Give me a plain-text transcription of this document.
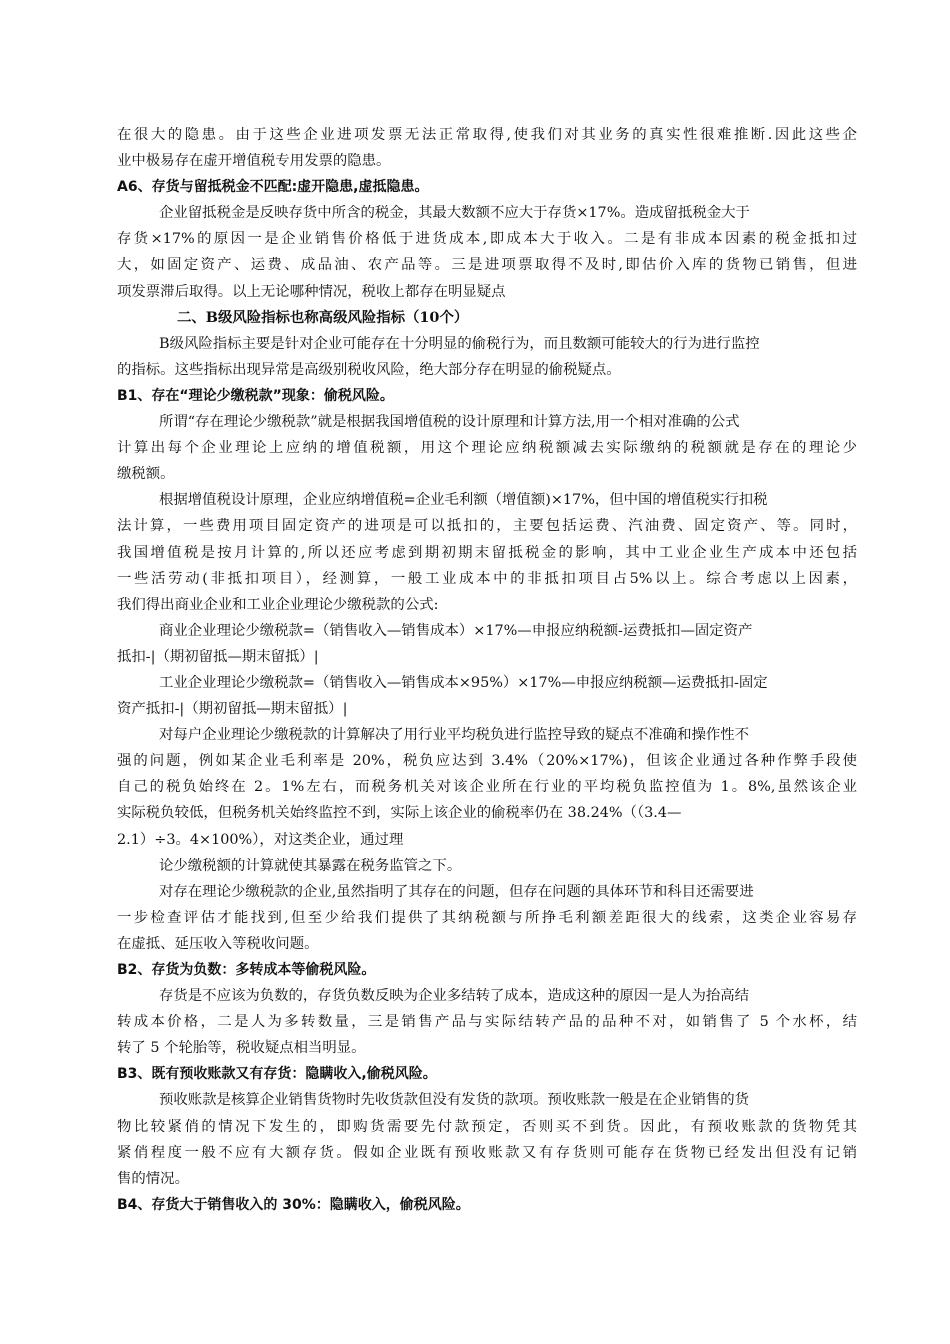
在很大的隐患。由于这些企业进项发票无法正常取得,使我们对其业务的真实性很难推断.因此这些企
业中极易存在虚开增值税专用发票的隐患。
A6、存货与留抵税金不匹配:虚开隐患,虚抵隐患。
企业留抵税金是反映存货中所含的税金，其最大数额不应大于存货×17%。造成留抵税金大于
存货×17%的原因一是企业销售价格低于进货成本,即成本大于收入。二是有非成本因素的税金抵扣过
大，如固定资产、运费、成品油、农产品等。三是进项票取得不及时,即估价入库的货物已销售，但进
项发票滞后取得。以上无论哪种情况，税收上都存在明显疑点
二、B级风险指标也称高级风险指标（10个）
B级风险指标主要是针对企业可能存在十分明显的偷税行为，而且数额可能较大的行为进行监控
的指标。这些指标出现异常是高级别税收风险，绝大部分存在明显的偷税疑点。
B1、存在“理论少缴税款”现象：偷税风险。
所谓“存在理论少缴税款”就是根据我国增值税的设计原理和计算方法,用一个相对准确的公式
计算出每个企业理论上应纳的增值税额，用这个理论应纳税额减去实际缴纳的税额就是存在的理论少
缴税额。
根据增值税设计原理，企业应纳增值税=企业毛利额（增值额)×17%，但中国的增值税实行扣税
法计算，一些费用项目固定资产的进项是可以抵扣的，主要包括运费、汽油费、固定资产、等。同时，
我国增值税是按月计算的,所以还应考虑到期初期末留抵税金的影响，其中工业企业生产成本中还包括
一些活劳动(非抵扣项目），经测算，一般工业成本中的非抵扣项目占5%以上。综合考虑以上因素，
我们得出商业企业和工业企业理论少缴税款的公式:
商业企业理论少缴税款=（销售收入—销售成本）×17%—申报应纳税额-运费抵扣—固定资产
抵扣-|（期初留抵—期末留抵）|
工业企业理论少缴税款=（销售收入—销售成本×95%）×17%—申报应纳税额—运费抵扣-固定
资产抵扣-|（期初留抵—期末留抵）|
对每户企业理论少缴税款的计算解决了用行业平均税负进行监控导致的疑点不准确和操作性不
强的问题，例如某企业毛利率是 20%，税负应达到 3.4%（20%×17%)，但该企业通过各种作弊手段使
自己的税负始终在 2。1%左右，而税务机关对该企业所在行业的平均税负监控值为 1。8%,虽然该企业
实际税负较低，但税务机关始终监控不到，实际上该企业的偷税率仍在 38.24%（（3.4—
2.1）÷3。4×100%），对这类企业，通过理
论少缴税额的计算就使其暴露在税务监管之下。
对存在理论少缴税款的企业,虽然指明了其存在的问题，但存在问题的具体环节和科目还需要进
一步检查评估才能找到,但至少给我们提供了其纳税额与所挣毛利额差距很大的线索，这类企业容易存
在虚抵、延压收入等税收问题。
B2、存货为负数：多转成本等偷税风险。
存货是不应该为负数的，存货负数反映为企业多结转了成本，造成这种的原因一是人为抬高结
转成本价格，二是人为多转数量，三是销售产品与实际结转产品的品种不对，如销售了 5 个水杯，结
转了 5 个轮胎等，税收疑点相当明显。
B3、既有预收账款又有存货：隐瞒收入,偷税风险。
预收账款是核算企业销售货物时先收货款但没有发货的款项。预收账款一般是在企业销售的货
物比较紧俏的情况下发生的，即购货需要先付款预定，否则买不到货。因此，有预收账款的货物凭其
紧俏程度一般不应有大额存货。假如企业既有预收账款又有存货则可能存在货物已经发出但没有记销
售的情况。
B4、存货大于销售收入的 30%：隐瞒收入，偷税风险。
